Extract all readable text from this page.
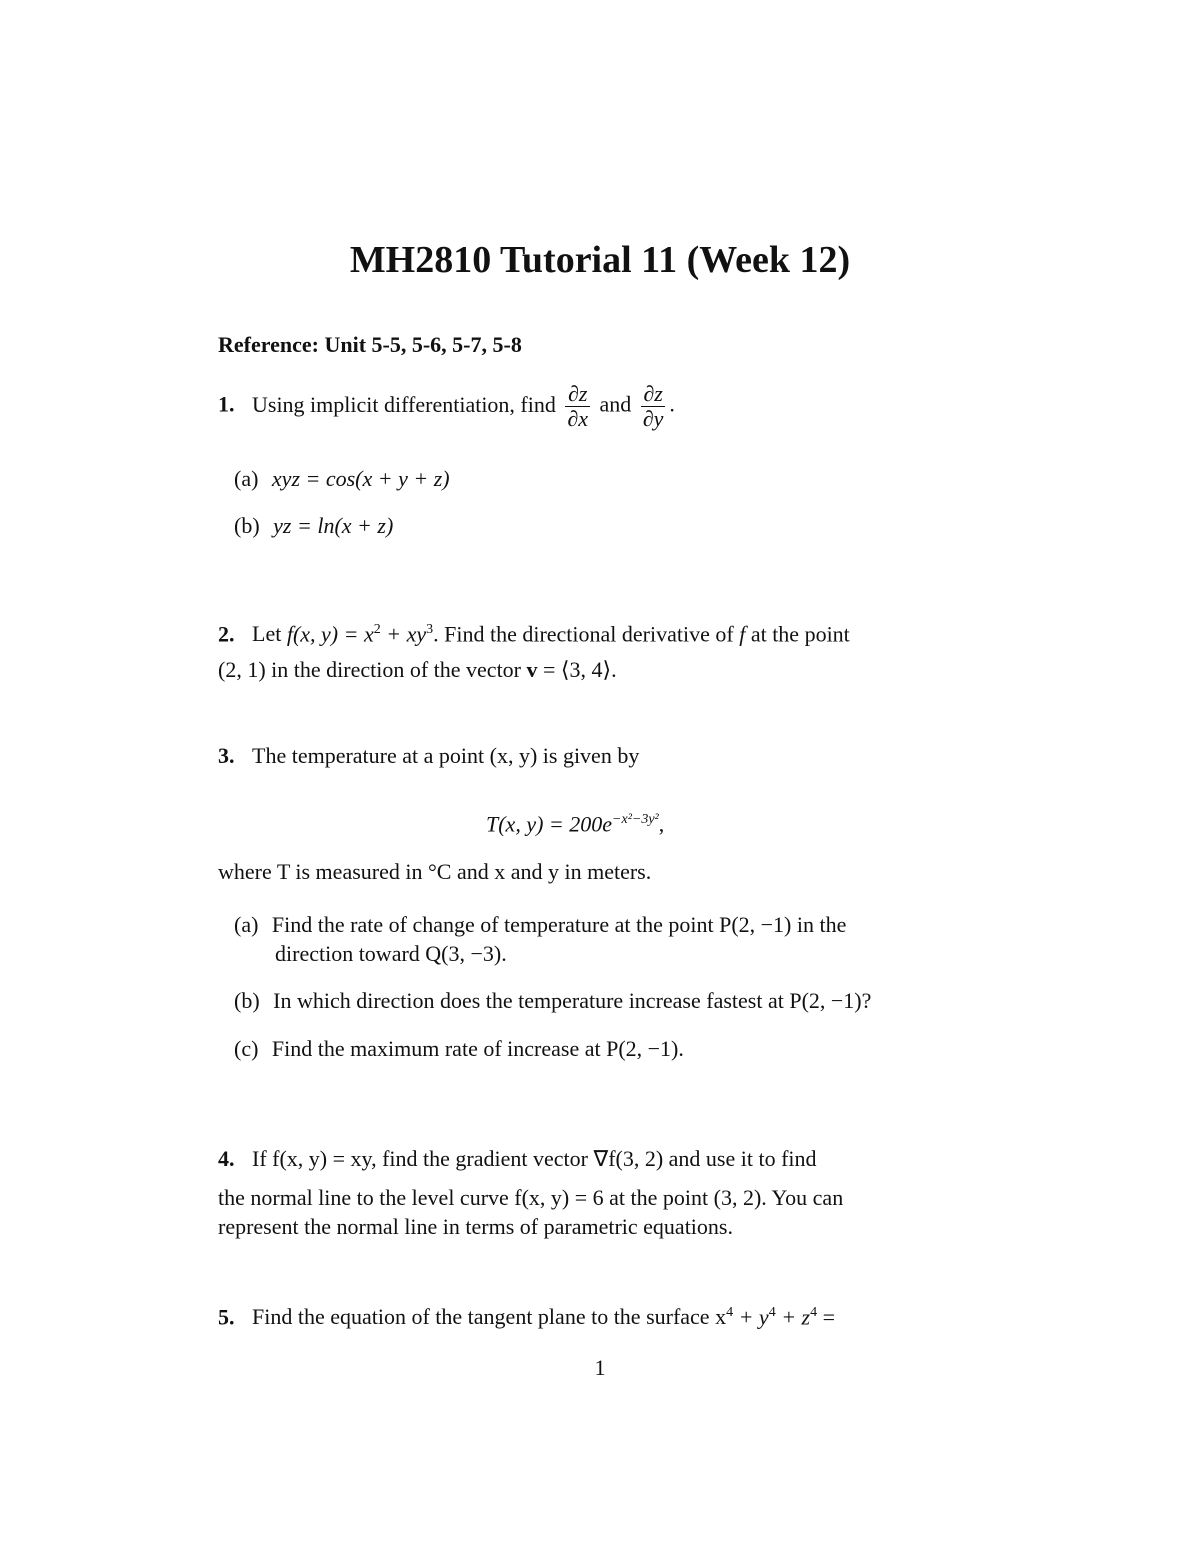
MH2810 Tutorial 11 (Week 12)
Reference: Unit 5-5, 5-6, 5-7, 5-8
1. Using implicit differentiation, find $\frac{\partial z}{\partial x}$ and $\frac{\partial z}{\partial y}$ .
(a) xyz = cos(x + y + z)
(b) yz = ln(x + z)
2. Let f(x, $y) = x^2 + xy^3$. Find the directional derivative of f at the point
(2, 1) in the direction of the vector v = ⟨3, 4⟩.
3. The temperature at a point (x, y) is given by
T(x, $y) = 200e^{-x^2-3y^2}$,
where T is measured in °C and x and y in meters.
(a) Find the rate of change of temperature at the point P(2, −1) in the
direction toward Q(3, −3).
(b) In which direction does the temperature increase fastest at P(2, −1)?
(c) Find the maximum rate of increase at P(2, −1).
4. If f(x, y) = xy, find the gradient vector ∇f(3, 2) and use it to find
the normal line to the level curve f(x, y) = 6 at the point (3, 2). You can
represent the normal line in terms of parametric equations.
5. Find the equation of the tangent plane to the surface $x^4 + y^4 + z^4$ =
1
